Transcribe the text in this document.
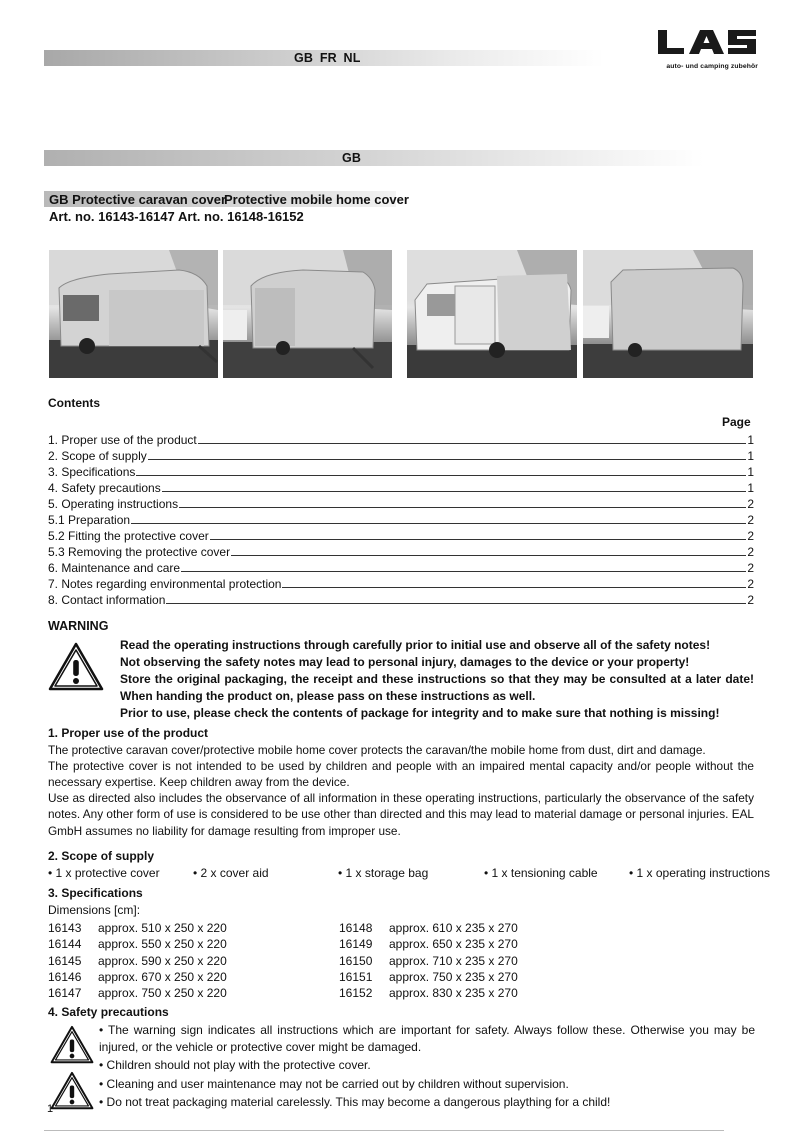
GB FR NL
auto- und camping zubehör
GB
GB Protective caravan cover
Protective mobile home cover
Art. no. 16143-16147 Art. no. 16148-16152
Contents
Page
1. Proper use of the product	1
2. Scope of supply	1
3. Specifications	1
4. Safety precautions	1
5. Operating instructions	2
5.1 Preparation	2
5.2 Fitting the protective cover	2
5.3 Removing the protective cover	2
6. Maintenance and care	2
7. Notes regarding environmental protection	2
8. Contact information	2
WARNING
Read the operating instructions through carefully prior to initial use and observe all of the safety notes!
Not observing the safety notes may lead to personal injury, damages to the device or your property!
Store the original packaging, the receipt and these instructions so that they may be consulted at a later date! When handing the product on, please pass on these instructions as well.
Prior to use, please check the contents of package for integrity and to make sure that nothing is missing!
1. Proper use of the product
The protective caravan cover/protective mobile home cover protects the caravan/the mobile home from dust, dirt and damage.
The protective cover is not intended to be used by children and people with an impaired mental capacity and/or people without the necessary expertise. Keep children away from the device.
Use as directed also includes the observance of all information in these operating instructions, particularly the observance of the safety notes. Any other form of use is considered to be use other than directed and this may lead to material damage or personal injuries. EAL GmbH assumes no liability for damage resulting from improper use.
2. Scope of supply
• 1 x protective cover	• 2 x cover aid	• 1 x storage bag	• 1 x tensioning cable	• 1 x operating instructions
3. Specifications
Dimensions [cm]:
16143	approx. 510 x 250 x 220
16144	approx. 550 x 250 x 220
16145	approx. 590 x 250 x 220
16146	approx. 670 x 250 x 220
16147	approx. 750 x 250 x 220
16148	approx. 610 x 235 x 270
16149	approx. 650 x 235 x 270
16150	approx. 710 x 235 x 270
16151	approx. 750 x 235 x 270
16152	approx. 830 x 235 x 270
4. Safety precautions
• The warning sign indicates all instructions which are important for safety. Always follow these. Otherwise you may be injured, or the vehicle or protective cover might be damaged.
• Children should not play with the protective cover.
• Cleaning and user maintenance may not be carried out by children without supervision.
• Do not treat packaging material carelessly. This may become a dangerous plaything for a child!
1
